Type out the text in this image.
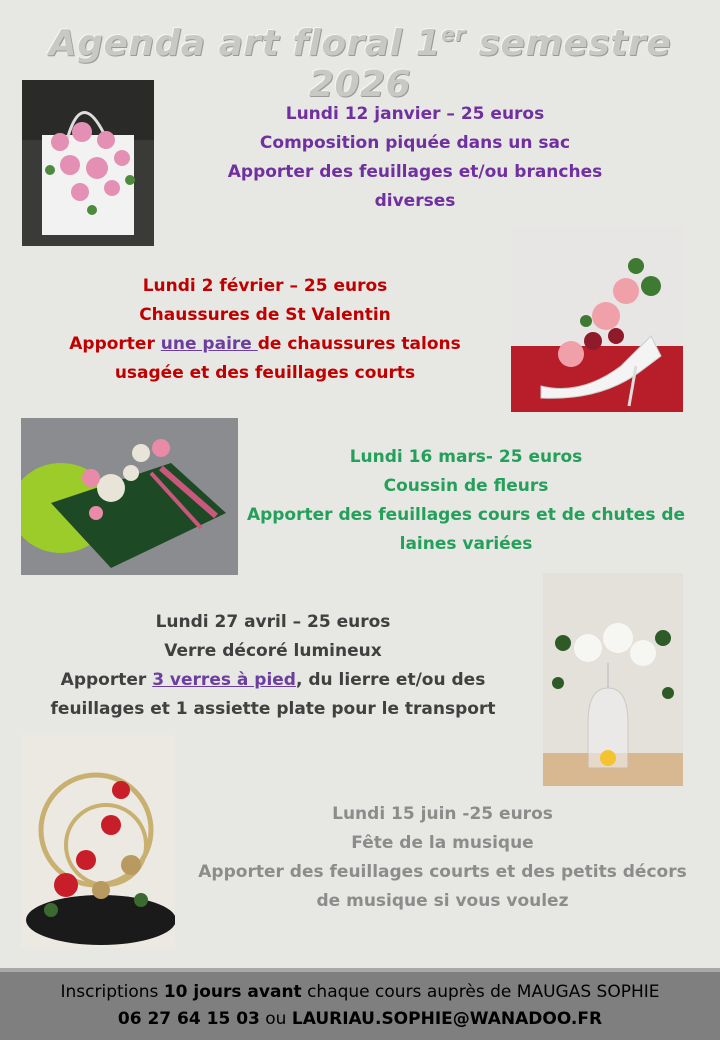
Agenda art floral 1er semestre 2026
Lundi 12 janvier – 25 euros
Composition piquée dans un sac
Apporter des feuillages et/ou branches
diverses
Lundi 2 février – 25 euros
Chaussures de St Valentin
Apporter une paire de chaussures talons
usagée et des feuillages courts
Lundi 16 mars- 25 euros
Coussin de fleurs
Apporter des feuillages cours et de chutes de
laines variées
Lundi 27 avril – 25 euros
Verre décoré lumineux
Apporter 3 verres à pied, du lierre et/ou des
feuillages et 1 assiette plate pour le transport
Lundi 15 juin -25 euros
Fête de la musique
Apporter des feuillages courts et des petits décors
de musique si vous voulez
Inscriptions 10 jours avant chaque cours auprès de MAUGAS SOPHIE
06 27 64 15 03 ou LAURIAU.SOPHIE@WANADOO.FR
